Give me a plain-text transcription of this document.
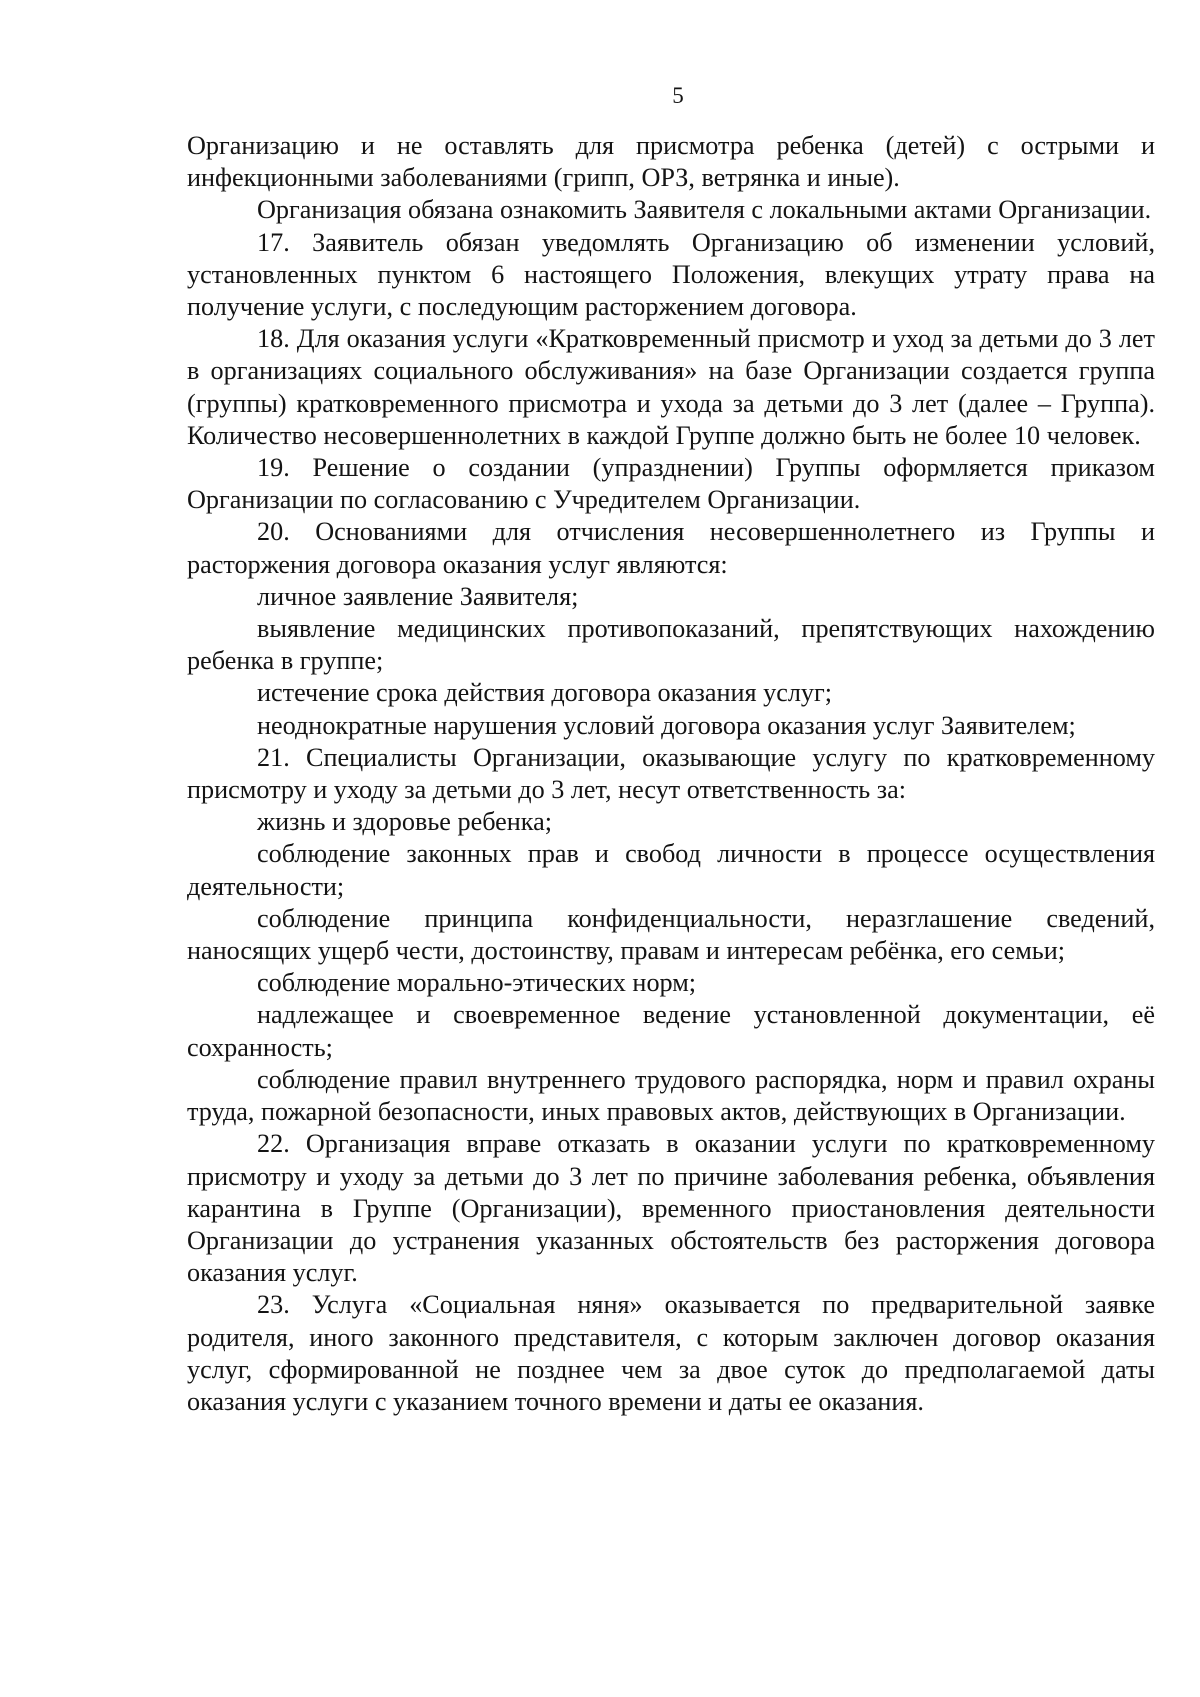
5

Организацию и не оставлять для присмотра ребенка (детей) с острыми и инфекционными заболеваниями (грипп, ОРЗ, ветрянка и иные).

Организация обязана ознакомить Заявителя с локальными актами Организации.

17. Заявитель обязан уведомлять Организацию об изменении условий, установленных пунктом 6 настоящего Положения, влекущих утрату права на получение услуги, с последующим расторжением договора.

18. Для оказания услуги «Кратковременный присмотр и уход за детьми до 3 лет в организациях социального обслуживания» на базе Организации создается группа (группы) кратковременного присмотра и ухода за детьми до 3 лет (далее – Группа). Количество несовершеннолетних в каждой Группе должно быть не более 10 человек.

19. Решение о создании (упразднении) Группы оформляется приказом Организации по согласованию с Учредителем Организации.

20. Основаниями для отчисления несовершеннолетнего из Группы и расторжения договора оказания услуг являются:

личное заявление Заявителя;

выявление медицинских противопоказаний, препятствующих нахождению ребенка в группе;

истечение срока действия договора оказания услуг;

неоднократные нарушения условий договора оказания услуг Заявителем;

21. Специалисты Организации, оказывающие услугу по кратковременному присмотру и уходу за детьми до 3 лет, несут ответственность за:

жизнь и здоровье ребенка;

соблюдение законных прав и свобод личности в процессе осуществления деятельности;

соблюдение принципа конфиденциальности, неразглашение сведений, наносящих ущерб чести, достоинству, правам и интересам ребёнка, его семьи;

соблюдение морально-этических норм;

надлежащее и своевременное ведение установленной документации, её сохранность;

соблюдение правил внутреннего трудового распорядка, норм и правил охраны труда, пожарной безопасности, иных правовых актов, действующих в Организации.

22. Организация вправе отказать в оказании услуги по кратковременному присмотру и уходу за детьми до 3 лет по причине заболевания ребенка, объявления карантина в Группе (Организации), временного приостановления деятельности Организации до устранения указанных обстоятельств без расторжения договора оказания услуг.

23. Услуга «Социальная няня» оказывается по предварительной заявке родителя, иного законного представителя, с которым заключен договор оказания услуг, сформированной не позднее чем за двое суток до предполагаемой даты оказания услуги с указанием точного времени и даты ее оказания.
